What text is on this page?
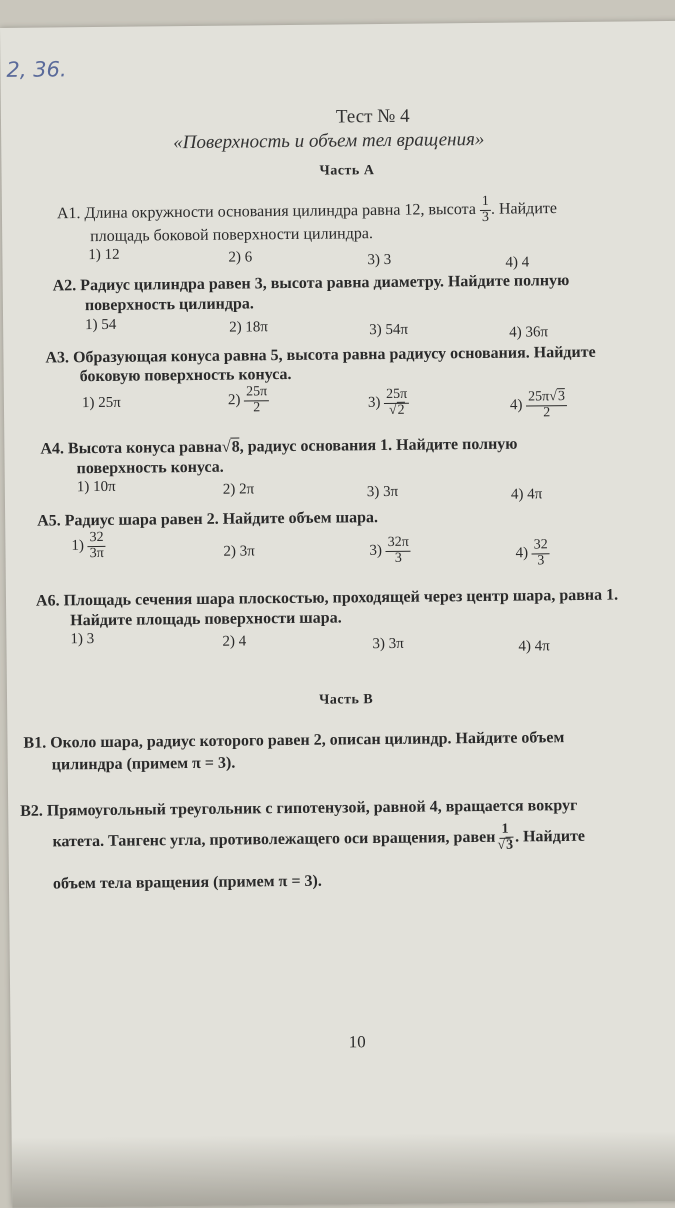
2, 36.
Тест № 4
«Поверхность и объем тел вращения»
Часть А
А1. Длина окружности основания цилиндра равна 12, высота $\frac{1}{3}$ . Найдите
площадь боковой поверхности цилиндра.
1) 12	2) 6	3) 3	4) 4
А2. Радиус цилиндра равен 3, высота равна диаметру. Найдите полную
поверхность цилиндра.
1) 54	2) 18π	3) 54π	4) 36π
А3. Образующая конуса равна 5, высота равна радиусу основания. Найдите
боковую поверхность конуса.
1) 25π	$2) \frac{25\pi}{2}$	$3) \frac{25\pi}{√2}$	$4) \frac{25\pi√3}{2}$
А4. Высота конуса равна√8, радиус основания 1. Найдите полную
поверхность конуса.
1) 10π	2) 2π	3) 3π	4) 4π
А5. Радиус шара равен 2. Найдите объем шара.
$1) \frac{32}{3\pi}$	2) 3π	$3) \frac{32\pi}{3}$	$4) \frac{32}{3}$
А6. Площадь сечения шара плоскостью, проходящей через центр шара, равна 1.
Найдите площадь поверхности шара.
1) 3	2) 4	3) 3π	4) 4π
Часть В
В1. Около шара, радиус которого равен 2, описан цилиндр. Найдите объем
цилиндра (примем π = 3).
В2. Прямоугольный треугольник с гипотенузой, равной 4, вращается вокруг
катета. Тангенс угла, противолежащего оси вращения, равен $\frac{1}{√3}$ . Найдите
объем тела вращения (примем π = 3).
10
